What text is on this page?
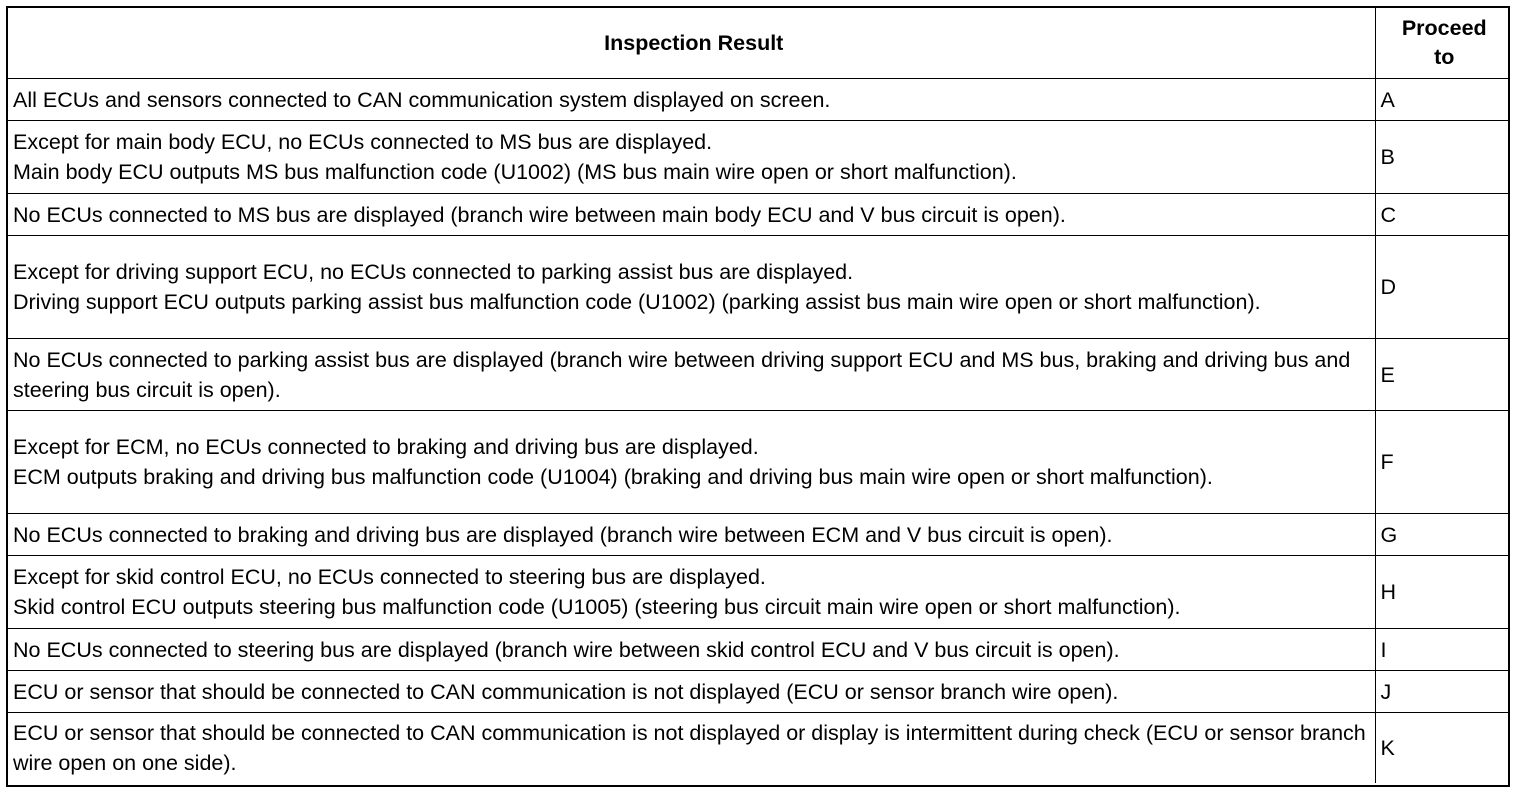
Inspection Result	Proceed
to

All ECUs and sensors connected to CAN communication system displayed on screen.	A

Except for main body ECU, no ECUs connected to MS bus are displayed.
Main body ECU outputs MS bus malfunction code (U1002) (MS bus main wire open or short malfunction).	B

No ECUs connected to MS bus are displayed (branch wire between main body ECU and V bus circuit is open).	C

Except for driving support ECU, no ECUs connected to parking assist bus are displayed.
Driving support ECU outputs parking assist bus malfunction code (U1002) (parking assist bus main wire open or short malfunction).	D

No ECUs connected to parking assist bus are displayed (branch wire between driving support ECU and MS bus, braking and driving bus and steering bus circuit is open).	E

Except for ECM, no ECUs connected to braking and driving bus are displayed.
ECM outputs braking and driving bus malfunction code (U1004) (braking and driving bus main wire open or short malfunction).	F

No ECUs connected to braking and driving bus are displayed (branch wire between ECM and V bus circuit is open).	G

Except for skid control ECU, no ECUs connected to steering bus are displayed.
Skid control ECU outputs steering bus malfunction code (U1005) (steering bus circuit main wire open or short malfunction).	H

No ECUs connected to steering bus are displayed (branch wire between skid control ECU and V bus circuit is open).	I

ECU or sensor that should be connected to CAN communication is not displayed (ECU or sensor branch wire open).	J

ECU or sensor that should be connected to CAN communication is not displayed or display is intermittent during check (ECU or sensor branch wire open on one side).	K
